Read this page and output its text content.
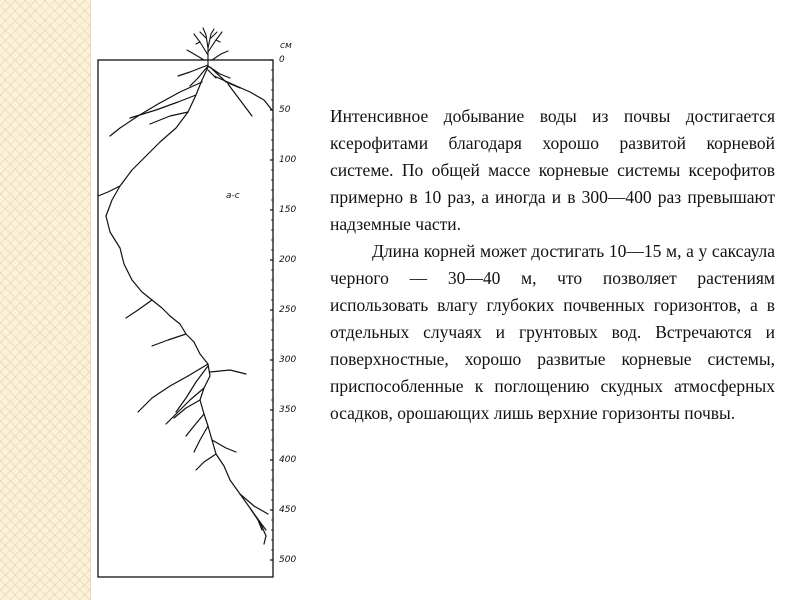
см
0
50
100
150
200
250
300
350
400
450
500
а-с

Интенсивное добывание воды из почвы достигается ксерофитами благодаря хорошо развитой корневой системе. По общей массе корневые системы ксерофитов примерно в 10 раз, а иногда и в 300—400 раз превышают надземные части.

Длина корней может достигать 10—15 м, а у саксаула черного — 30—40 м, что позволяет растениям использовать влагу глубоких почвенных горизонтов, а в отдельных случаях и грунтовых вод. Встречаются и поверхностные, хорошо развитые корневые системы, приспособленные к поглощению скудных атмосферных осадков, орошающих лишь верхние горизонты почвы.
